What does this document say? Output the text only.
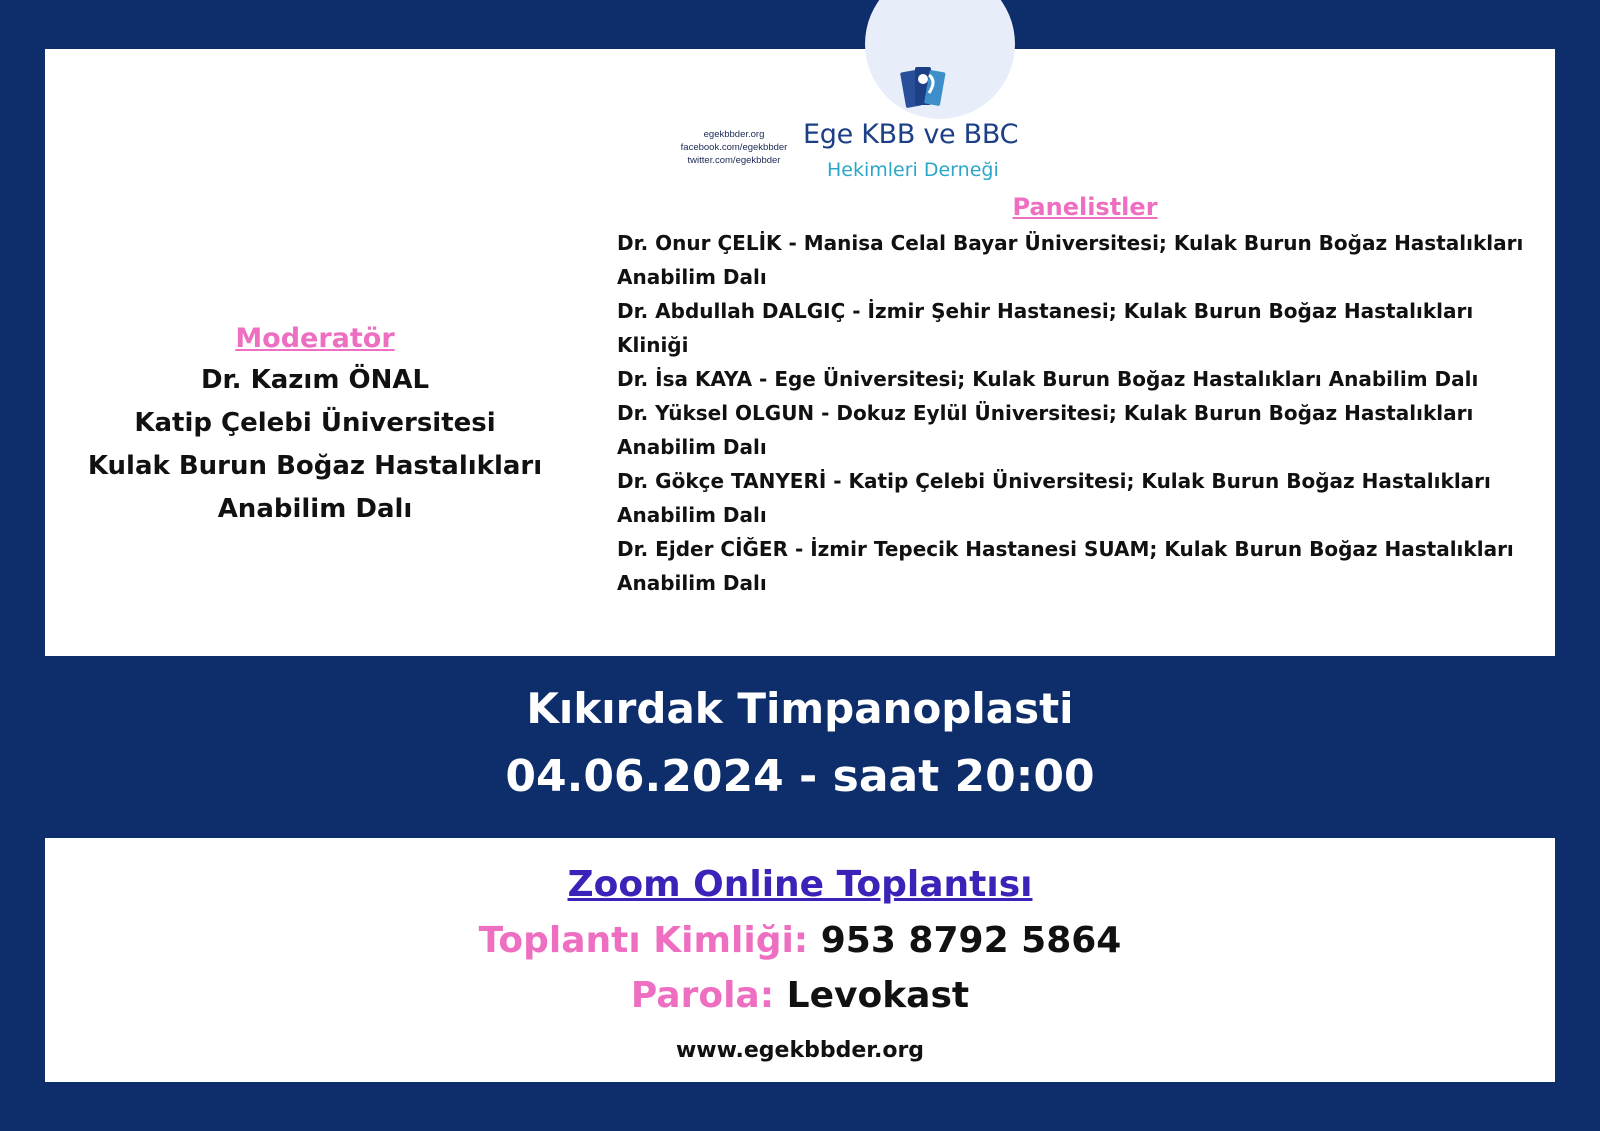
egekbbder.org
facebook.com/egekbbder
twitter.com/egekbbder
Ege KBB ve BBC
Hekimleri Derneği
Moderatör
Dr. Kazım ÖNAL
Katip Çelebi Üniversitesi
Kulak Burun Boğaz Hastalıkları
Anabilim Dalı
Panelistler
Dr. Onur ÇELİK - Manisa Celal Bayar Üniversitesi; Kulak Burun Boğaz Hastalıkları Anabilim Dalı
Dr. Abdullah DALGIÇ - İzmir Şehir Hastanesi; Kulak Burun Boğaz Hastalıkları Kliniği
Dr. İsa KAYA - Ege Üniversitesi; Kulak Burun Boğaz Hastalıkları Anabilim Dalı
Dr. Yüksel OLGUN - Dokuz Eylül Üniversitesi; Kulak Burun Boğaz Hastalıkları Anabilim Dalı
Dr. Gökçe TANYERİ - Katip Çelebi Üniversitesi; Kulak Burun Boğaz Hastalıkları Anabilim Dalı
Dr. Ejder CİĞER - İzmir Tepecik Hastanesi SUAM; Kulak Burun Boğaz Hastalıkları Anabilim Dalı
Kıkırdak Timpanoplasti
04.06.2024 - saat 20:00
Zoom Online Toplantısı
Toplantı Kimliği: 953 8792 5864
Parola: Levokast
www.egekbbder.org
